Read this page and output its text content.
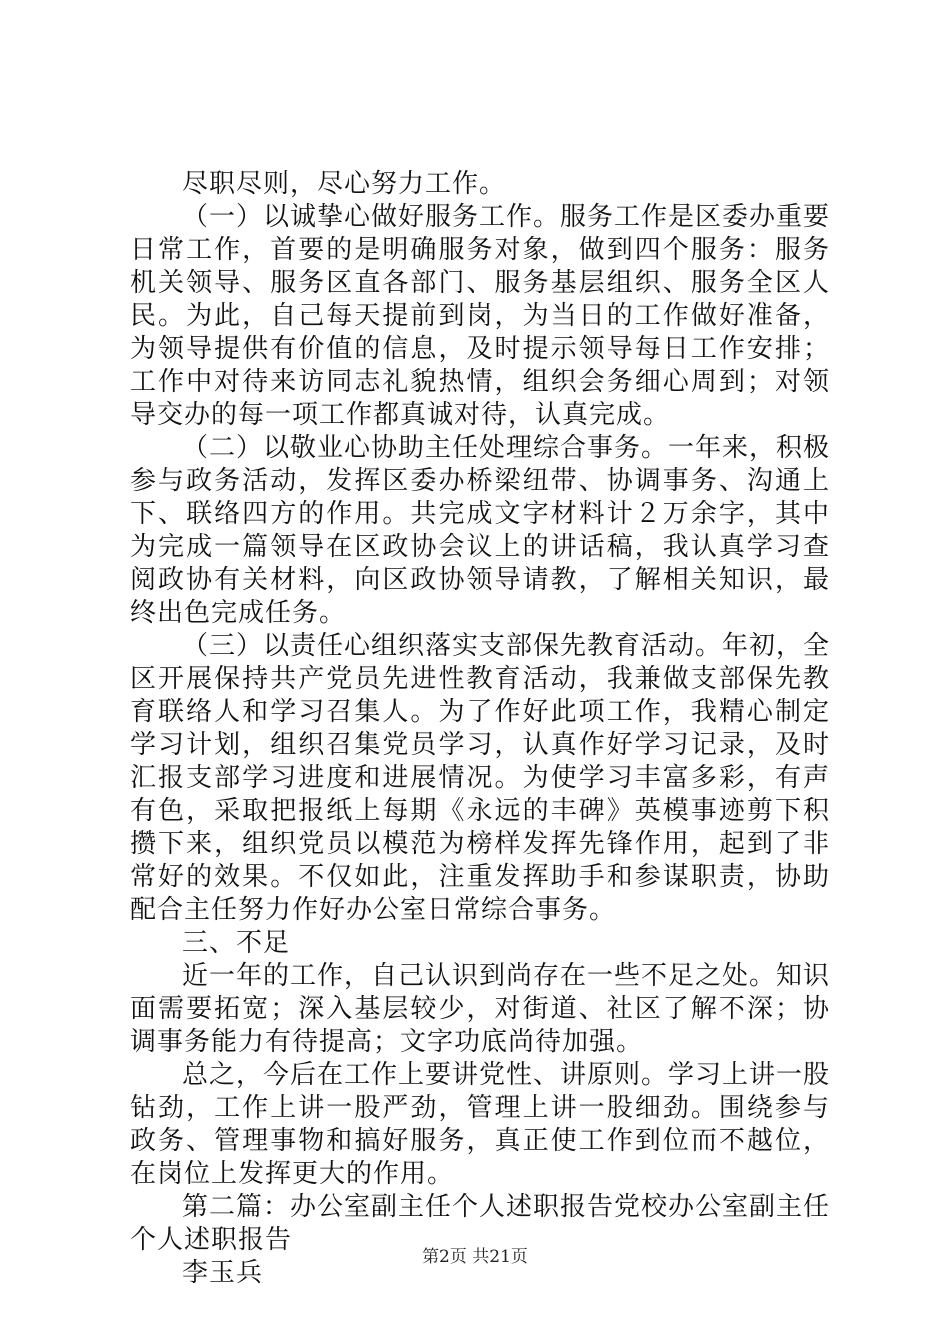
尽职尽则，尽心努力工作。

（一）以诚挚心做好服务工作。服务工作是区委办重要日常工作，首要的是明确服务对象，做到四个服务：服务机关领导、服务区直各部门、服务基层组织、服务全区人民。为此，自己每天提前到岗，为当日的工作做好准备，为领导提供有价值的信息，及时提示领导每日工作安排；工作中对待来访同志礼貌热情，组织会务细心周到；对领导交办的每一项工作都真诚对待，认真完成。

（二）以敬业心协助主任处理综合事务。一年来，积极参与政务活动，发挥区委办桥梁纽带、协调事务、沟通上下、联络四方的作用。共完成文字材料计２万余字，其中为完成一篇领导在区政协会议上的讲话稿，我认真学习查阅政协有关材料，向区政协领导请教，了解相关知识，最终出色完成任务。

（三）以责任心组织落实支部保先教育活动。年初，全区开展保持共产党员先进性教育活动，我兼做支部保先教育联络人和学习召集人。为了作好此项工作，我精心制定学习计划，组织召集党员学习，认真作好学习记录，及时汇报支部学习进度和进展情况。为使学习丰富多彩，有声有色，采取把报纸上每期《永远的丰碑》英模事迹剪下积攒下来，组织党员以模范为榜样发挥先锋作用，起到了非常好的效果。不仅如此，注重发挥助手和参谋职责，协助配合主任努力作好办公室日常综合事务。

三、不足

近一年的工作，自己认识到尚存在一些不足之处。知识面需要拓宽；深入基层较少，对街道、社区了解不深；协调事务能力有待提高；文字功底尚待加强。

总之，今后在工作上要讲党性、讲原则。学习上讲一股钻劲，工作上讲一股严劲，管理上讲一股细劲。围绕参与政务、管理事物和搞好服务，真正使工作到位而不越位，在岗位上发挥更大的作用。

第二篇：办公室副主任个人述职报告党校办公室副主任个人述职报告

李玉兵

第2页 共21页
